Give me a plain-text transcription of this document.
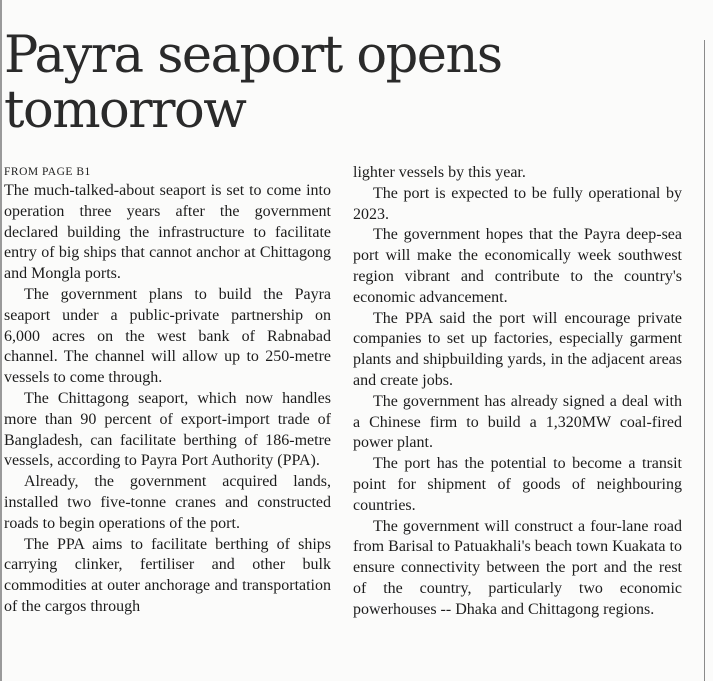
Payra seaport opens tomorrow
FROM PAGE B1

The much-talked-about seaport is set to come into operation three years after the government declared building the infrastructure to facilitate entry of big ships that cannot anchor at Chittagong and Mongla ports.

The government plans to build the Payra seaport under a public-private partnership on 6,000 acres on the west bank of Rabnabad channel. The channel will allow up to 250-metre vessels to come through.

The Chittagong seaport, which now handles more than 90 percent of export-import trade of Bangladesh, can facilitate berthing of 186-metre vessels, according to Payra Port Authority (PPA).

Already, the government acquired lands, installed two five-tonne cranes and constructed roads to begin operations of the port.

The PPA aims to facilitate berthing of ships carrying clinker, fertiliser and other bulk commodities at outer anchorage and transportation of the cargos through

lighter vessels by this year.

The port is expected to be fully operational by 2023.

The government hopes that the Payra deep-sea port will make the economically week southwest region vibrant and contribute to the country's economic advancement.

The PPA said the port will encourage private companies to set up factories, especially garment plants and shipbuilding yards, in the adjacent areas and create jobs.

The government has already signed a deal with a Chinese firm to build a 1,320MW coal-fired power plant.

The port has the potential to become a transit point for shipment of goods of neighbouring countries.

The government will construct a four-lane road from Barisal to Patuakhali's beach town Kuakata to ensure connectivity between the port and the rest of the country, particularly two economic powerhouses -- Dhaka and Chittagong regions.
